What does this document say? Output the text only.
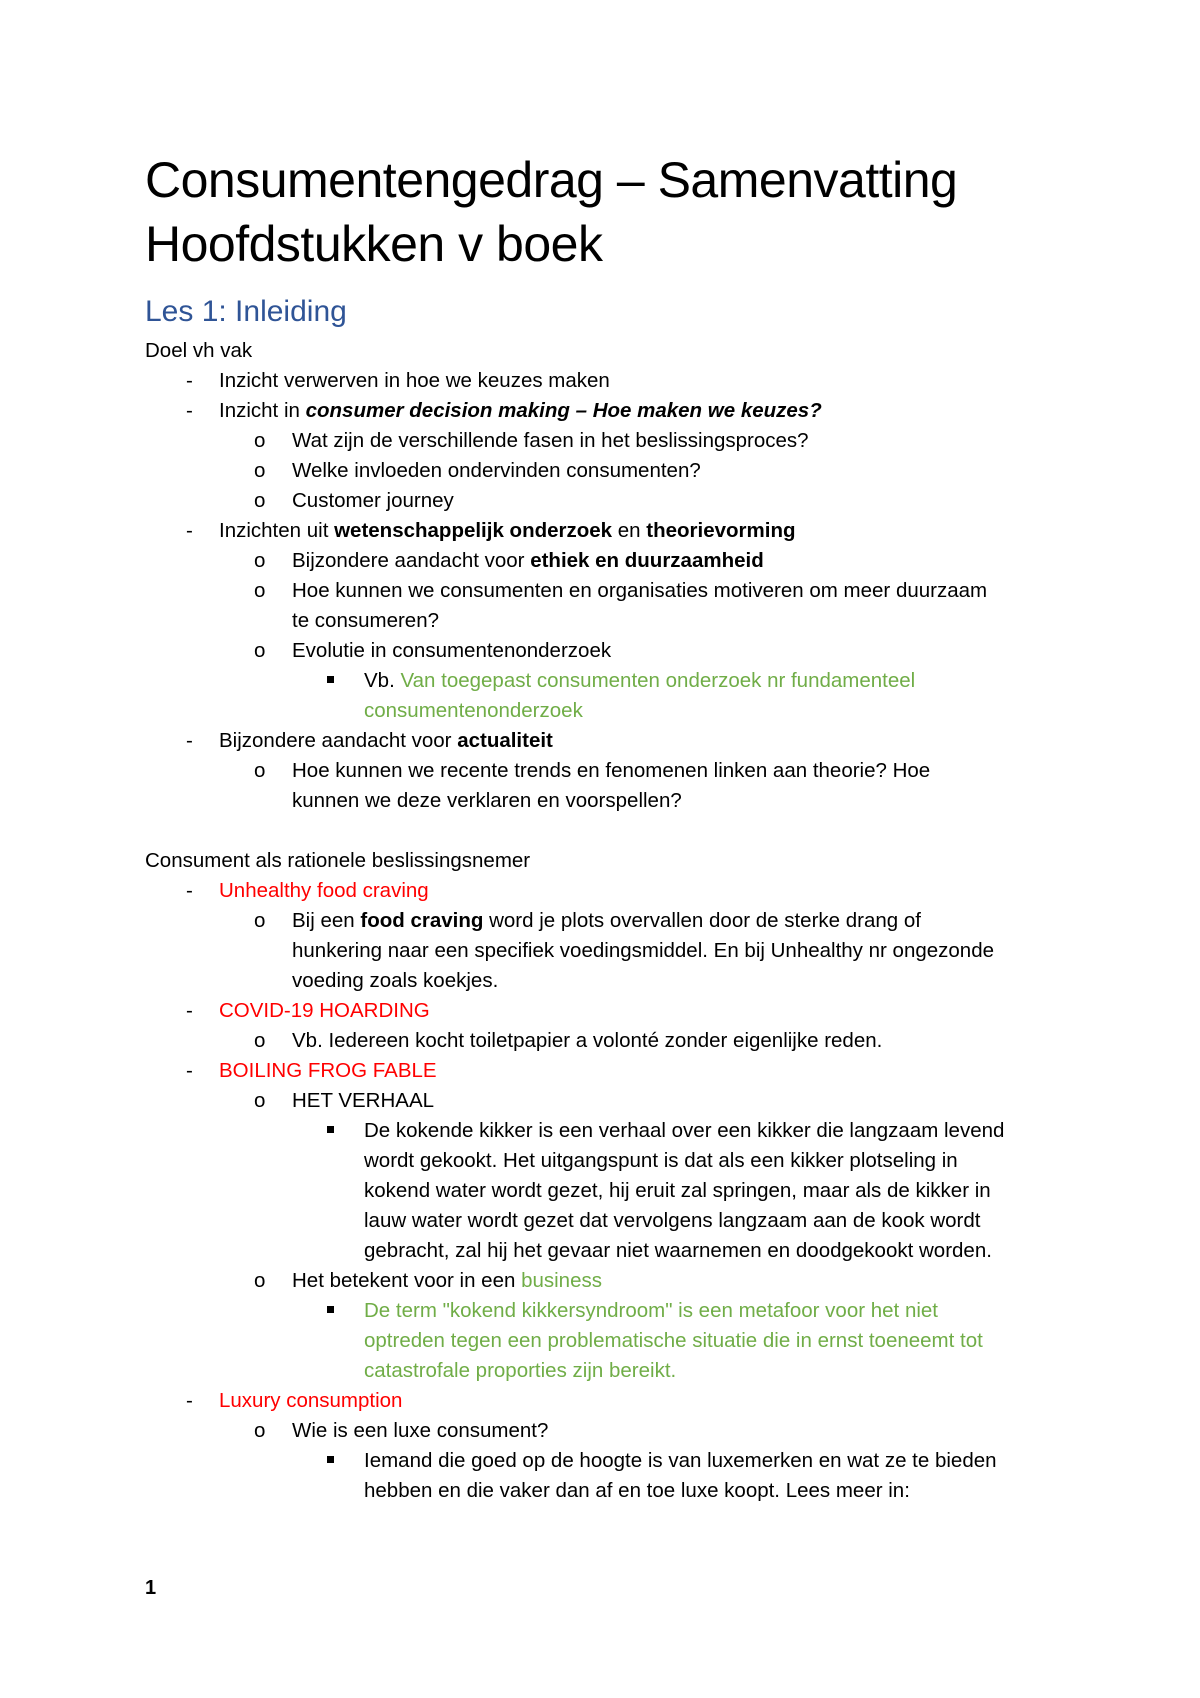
Consumentengedrag – Samenvatting
Hoofdstukken v boek
Les 1: Inleiding
Doel vh vak
- Inzicht verwerven in hoe we keuzes maken
- Inzicht in consumer decision making – Hoe maken we keuzes?
o Wat zijn de verschillende fasen in het beslissingsproces?
o Welke invloeden ondervinden consumenten?
o Customer journey
- Inzichten uit wetenschappelijk onderzoek en theorievorming
o Bijzondere aandacht voor ethiek en duurzaamheid
o Hoe kunnen we consumenten en organisaties motiveren om meer duurzaam
te consumeren?
o Evolutie in consumentenonderzoek
Vb. Van toegepast consumenten onderzoek nr fundamenteel
consumentenonderzoek
- Bijzondere aandacht voor actualiteit
o Hoe kunnen we recente trends en fenomenen linken aan theorie? Hoe
kunnen we deze verklaren en voorspellen?
Consument als rationele beslissingsnemer
- Unhealthy food craving
o Bij een food craving word je plots overvallen door de sterke drang of
hunkering naar een specifiek voedingsmiddel. En bij Unhealthy nr ongezonde
voeding zoals koekjes.
- COVID-19 HOARDING
o Vb. Iedereen kocht toiletpapier a volonté zonder eigenlijke reden.
- BOILING FROG FABLE
o HET VERHAAL
De kokende kikker is een verhaal over een kikker die langzaam levend
wordt gekookt. Het uitgangspunt is dat als een kikker plotseling in
kokend water wordt gezet, hij eruit zal springen, maar als de kikker in
lauw water wordt gezet dat vervolgens langzaam aan de kook wordt
gebracht, zal hij het gevaar niet waarnemen en doodgekookt worden.
o Het betekent voor in een business
De term "kokend kikkersyndroom" is een metafoor voor het niet
optreden tegen een problematische situatie die in ernst toeneemt tot
catastrofale proporties zijn bereikt.
- Luxury consumption
o Wie is een luxe consument?
Iemand die goed op de hoogte is van luxemerken en wat ze te bieden
hebben en die vaker dan af en toe luxe koopt. Lees meer in:
1
